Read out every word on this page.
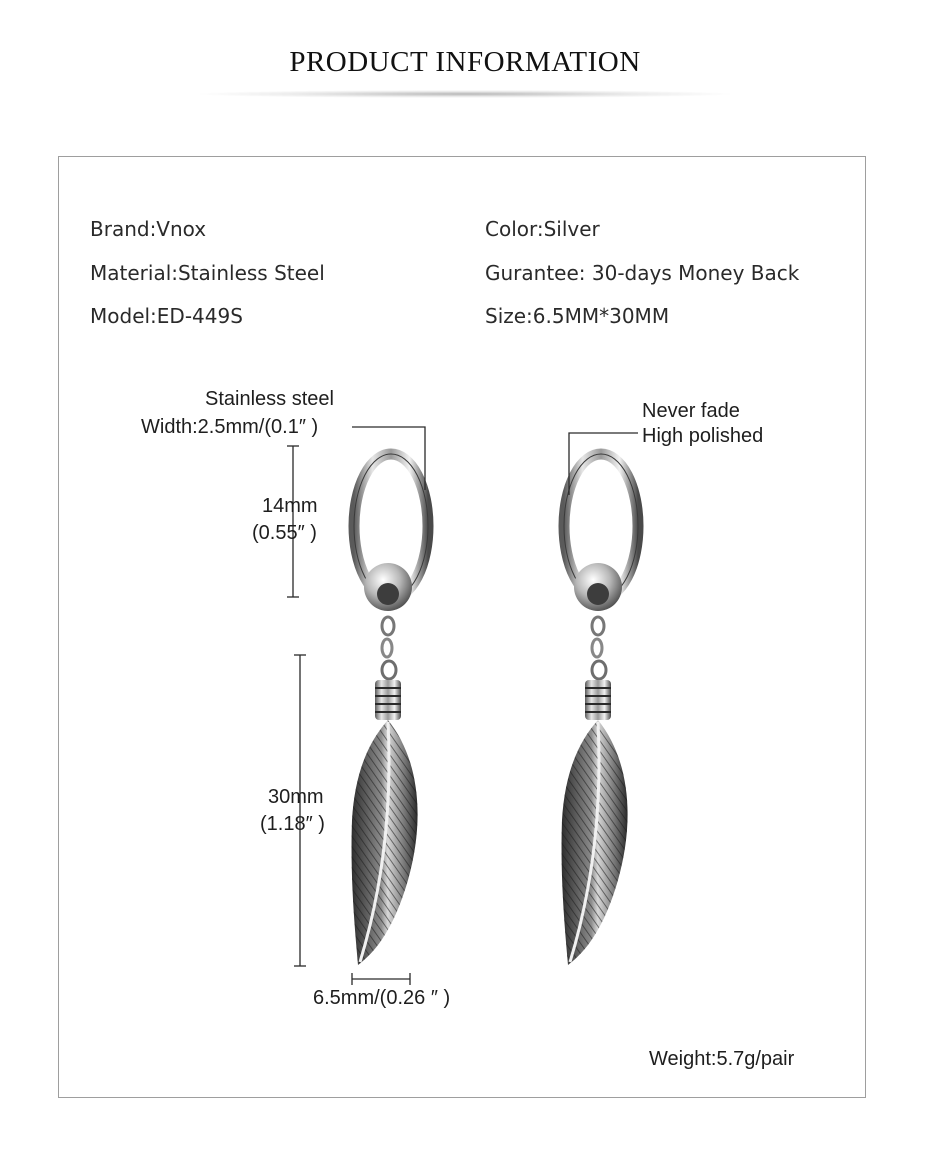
PRODUCT INFORMATION
Brand:Vnox
Material:Stainless Steel
Model:ED-449S
Color:Silver
Gurantee: 30-days Money Back
Size:6.5MM*30MM
Stainless steel
Width:2.5mm/(0.1″ )
14mm
(0.55″ )
30mm
(1.18″ )
6.5mm/(0.26 ″ )
Never fade
High polished
Weight:5.7g/pair
